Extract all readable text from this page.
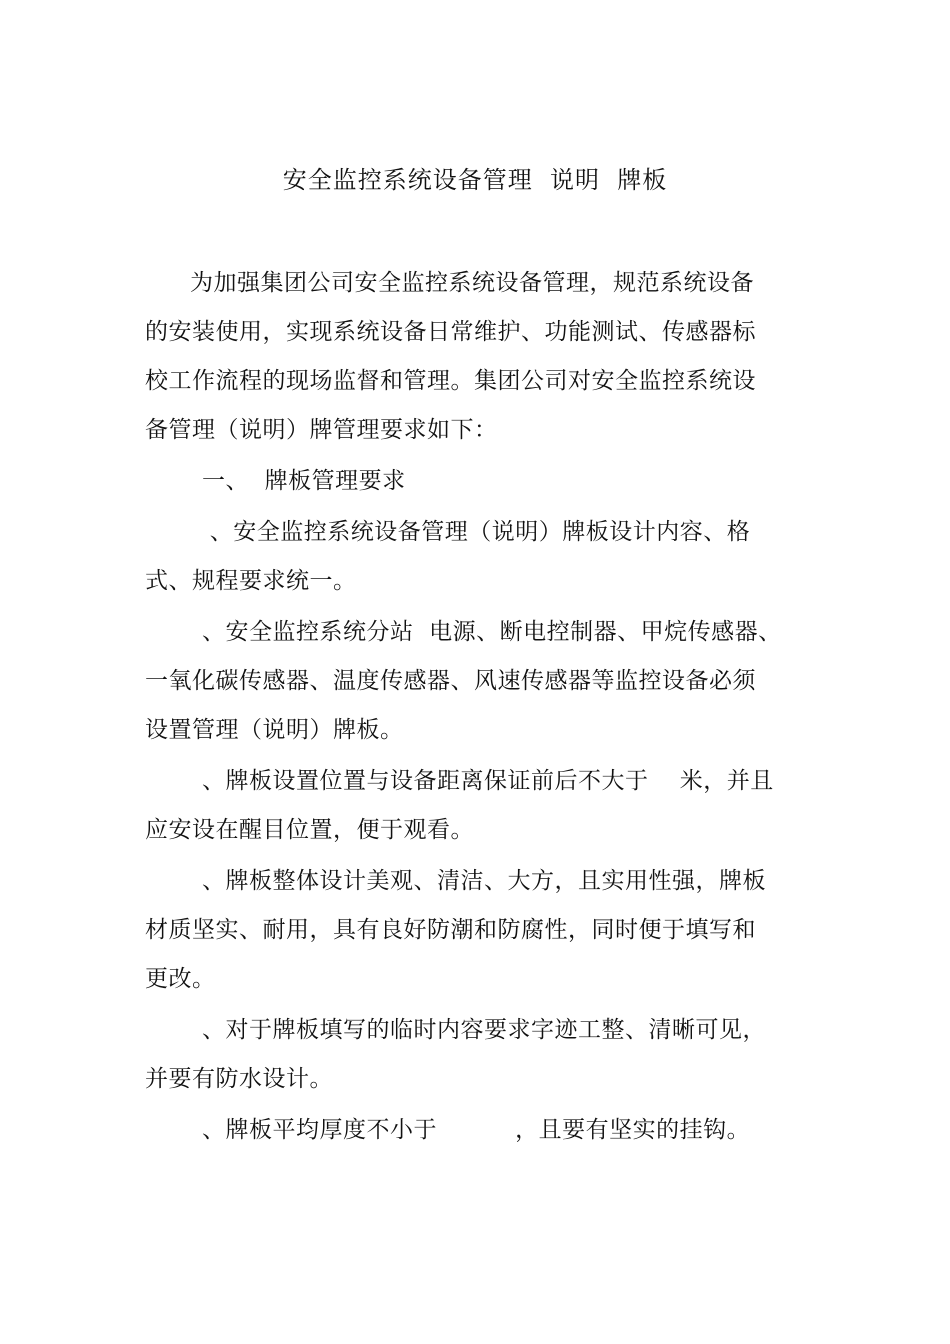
安全监控系统设备管理  说明  牌板

为加强集团公司安全监控系统设备管理，规范系统设备

的安装使用，实现系统设备日常维护、功能测试、传感器标

校工作流程的现场监督和管理。集团公司对安全监控系统设

备管理（说明）牌管理要求如下：

一、  牌板管理要求

、安全监控系统设备管理（说明）牌板设计内容、格

式、规程要求统一。

、安全监控系统分站  电源、断电控制器、甲烷传感器、

一氧化碳传感器、温度传感器、风速传感器等监控设备必须

设置管理（说明）牌板。

、牌板设置位置与设备距离保证前后不大于    米，并且

应安设在醒目位置，便于观看。

、牌板整体设计美观、清洁、大方，且实用性强，牌板

材质坚实、耐用，具有良好防潮和防腐性，同时便于填写和

更改。

、对于牌板填写的临时内容要求字迹工整、清晰可见，

并要有防水设计。

、牌板平均厚度不小于          ，且要有坚实的挂钩。
